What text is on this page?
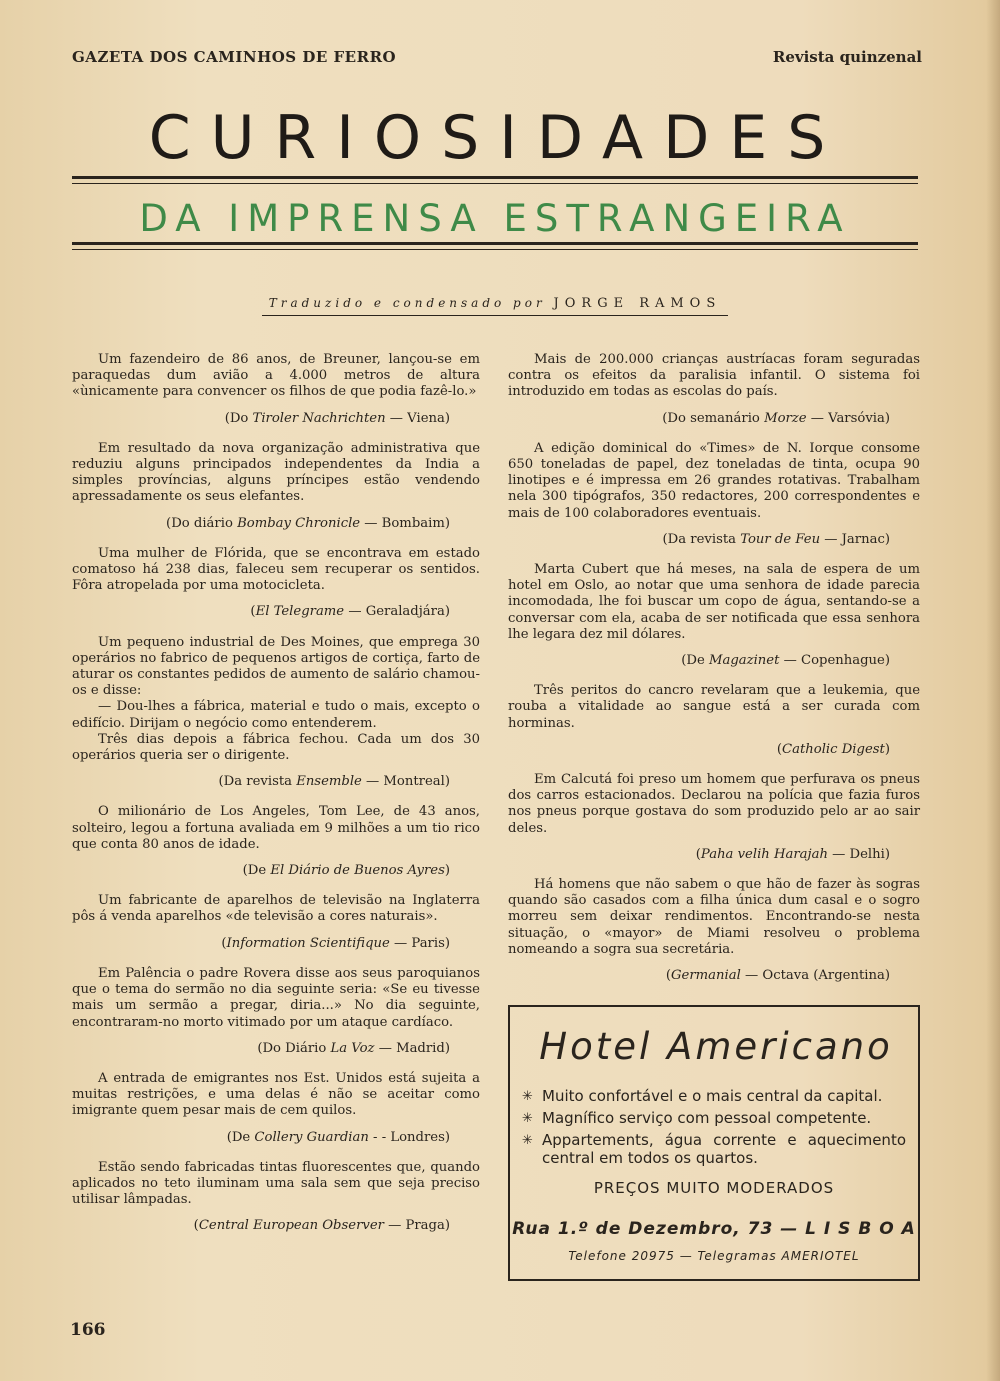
GAZETA DOS CAMINHOS DE FERRO	Revista quinzenal
CURIOSIDADES
DA IMPRENSA ESTRANGEIRA
Traduzido e condensado por JORGE RAMOS

Um fazendeiro de 86 anos, de Breuner, lançou-se em paraquedas dum avião a 4.000 metros de altura «ùnicamente para convencer os filhos de que podia fazê-lo.»

(Do Tiroler Nachrichten — Viena)

Em resultado da nova organização administrativa que reduziu alguns principados independentes da India a simples províncias, alguns príncipes estão vendendo apressadamente os seus elefantes.

(Do diário Bombay Chronicle — Bombaim)

Uma mulher de Flórida, que se encontrava em estado comatoso há 238 dias, faleceu sem recuperar os sentidos. Fôra atropelada por uma motocicleta.

(El Telegrame — Geraladjára)

Um pequeno industrial de Des Moines, que emprega 30 operários no fabrico de pequenos artigos de cortiça, farto de aturar os constantes pedidos de aumento de salário chamou-os e disse:

— Dou-lhes a fábrica, material e tudo o mais, excepto o edifício. Dirijam o negócio como entenderem.

Três dias depois a fábrica fechou. Cada um dos 30 operários queria ser o dirigente.

(Da revista Ensemble — Montreal)

O milionário de Los Angeles, Tom Lee, de 43 anos, solteiro, legou a fortuna avaliada em 9 milhões a um tio rico que conta 80 anos de idade.

(De El Diário de Buenos Ayres)

Um fabricante de aparelhos de televisão na Inglaterra pôs á venda aparelhos «de televisão a cores naturais».

(Information Scientifique — Paris)

Em Palência o padre Rovera disse aos seus paroquianos que o tema do sermão no dia seguinte seria: «Se eu tivesse mais um sermão a pregar, diria...» No dia seguinte, encontraram-no morto vitimado por um ataque cardíaco.

(Do Diário La Voz — Madrid)

A entrada de emigrantes nos Est. Unidos está sujeita a muitas restrições, e uma delas é não se aceitar como imigrante quem pesar mais de cem quilos.

(De Collery Guardian - - Londres)

Estão sendo fabricadas tintas fluorescentes que, quando aplicados no teto iluminam uma sala sem que seja preciso utilisar lâmpadas.

(Central European Observer — Praga)

Mais de 200.000 crianças austríacas foram seguradas contra os efeitos da paralisia infantil. O sistema foi introduzido em todas as escolas do país.

(Do semanário Morze — Varsóvia)

A edição dominical do «Times» de N. Iorque consome 650 toneladas de papel, dez toneladas de tinta, ocupa 90 linotipes e é impressa em 26 grandes rotativas. Trabalham nela 300 tipógrafos, 350 redactores, 200 correspondentes e mais de 100 colaboradores eventuais.

(Da revista Tour de Feu — Jarnac)

Marta Cubert que há meses, na sala de espera de um hotel em Oslo, ao notar que uma senhora de idade parecia incomodada, lhe foi buscar um copo de água, sentando-se a conversar com ela, acaba de ser notificada que essa senhora lhe legara dez mil dólares.

(De Magazinet — Copenhague)

Três peritos do cancro revelaram que a leukemia, que rouba a vitalidade ao sangue está a ser curada com horminas.

(Catholic Digest)

Em Calcutá foi preso um homem que perfurava os pneus dos carros estacionados. Declarou na polícia que fazia furos nos pneus porque gostava do som produzido pelo ar ao sair deles.

(Paha velih Harajah — Delhi)

Há homens que não sabem o que hão de fazer às sogras quando são casados com a filha única dum casal e o sogro morreu sem deixar rendimentos. Encontrando-se nesta situação, o «mayor» de Miami resolveu o problema nomeando a sogra sua secretária.

(Germanial — Octava (Argentina)
Hotel Americano
✳ Muito confortável e o mais central da capital.
✳ Magnífico serviço com pessoal competente.
✳ Appartements, água corrente e aquecimento central em todos os quartos.
PREÇOS MUITO MODERADOS
Rua 1.º de Dezembro, 73 — L I S B O A
Telefone 20975 — Telegramas AMERIOTEL
166
